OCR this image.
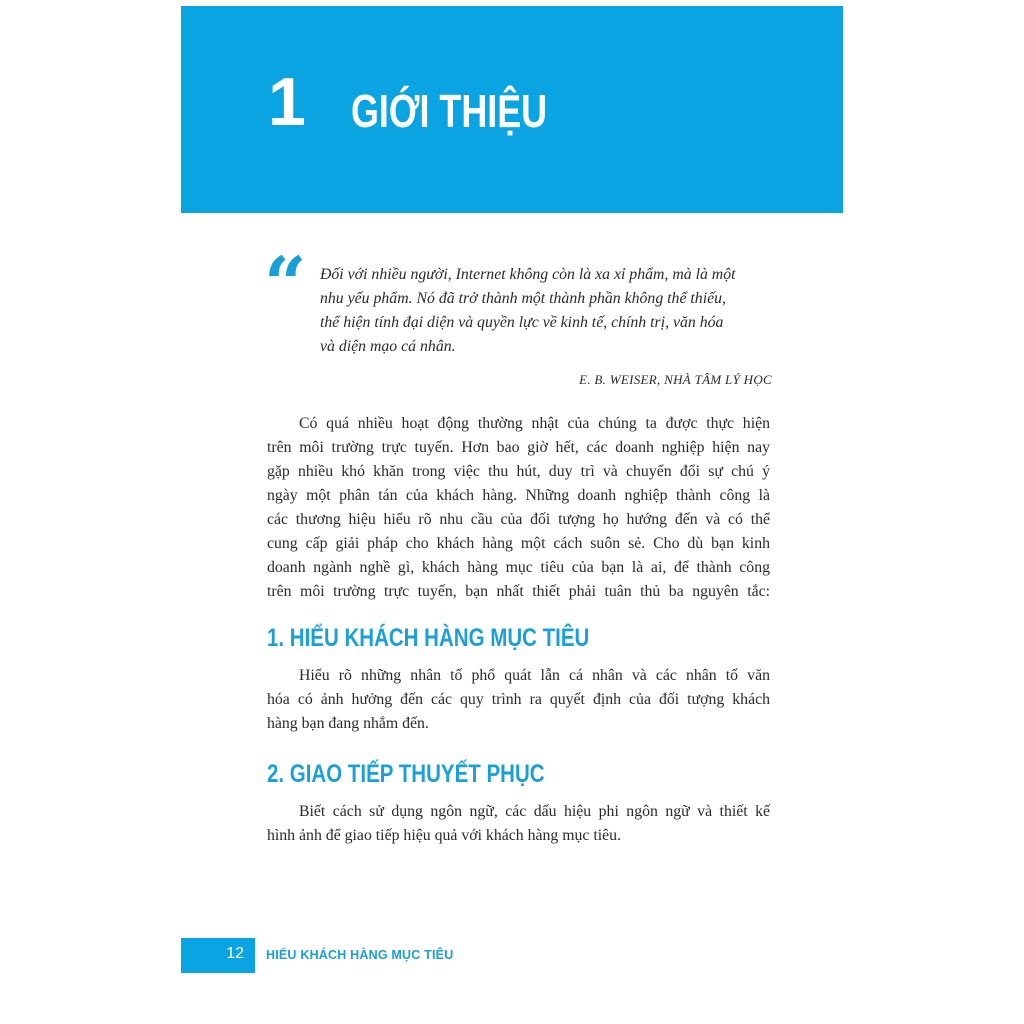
1 GIỚI THIỆU
“ Đối với nhiều người, Internet không còn là xa xỉ phẩm, mà là một
nhu yếu phẩm. Nó đã trở thành một thành phần không thể thiếu,
thể hiện tính đại diện và quyền lực về kinh tế, chính trị, văn hóa
và diện mạo cá nhân.
E. B. WEISER, NHÀ TÂM LÝ HỌC
Có quá nhiều hoạt động thường nhật của chúng ta được thực hiện
trên môi trường trực tuyến. Hơn bao giờ hết, các doanh nghiệp hiện nay
gặp nhiều khó khăn trong việc thu hút, duy trì và chuyển đổi sự chú ý
ngày một phân tán của khách hàng. Những doanh nghiệp thành công là
các thương hiệu hiểu rõ nhu cầu của đối tượng họ hướng đến và có thể
cung cấp giải pháp cho khách hàng một cách suôn sẻ. Cho dù bạn kinh
doanh ngành nghề gì, khách hàng mục tiêu của bạn là ai, để thành công
trên môi trường trực tuyến, bạn nhất thiết phải tuân thủ ba nguyên tắc:
1. HIỂU KHÁCH HÀNG MỤC TIÊU
Hiểu rõ những nhân tố phổ quát lẫn cá nhân và các nhân tố văn
hóa có ảnh hưởng đến các quy trình ra quyết định của đối tượng khách
hàng bạn đang nhắm đến.
2. GIAO TIẾP THUYẾT PHỤC
Biết cách sử dụng ngôn ngữ, các dấu hiệu phi ngôn ngữ và thiết kế
hình ảnh để giao tiếp hiệu quả với khách hàng mục tiêu.
12 HIỂU KHÁCH HÀNG MỤC TIÊU
